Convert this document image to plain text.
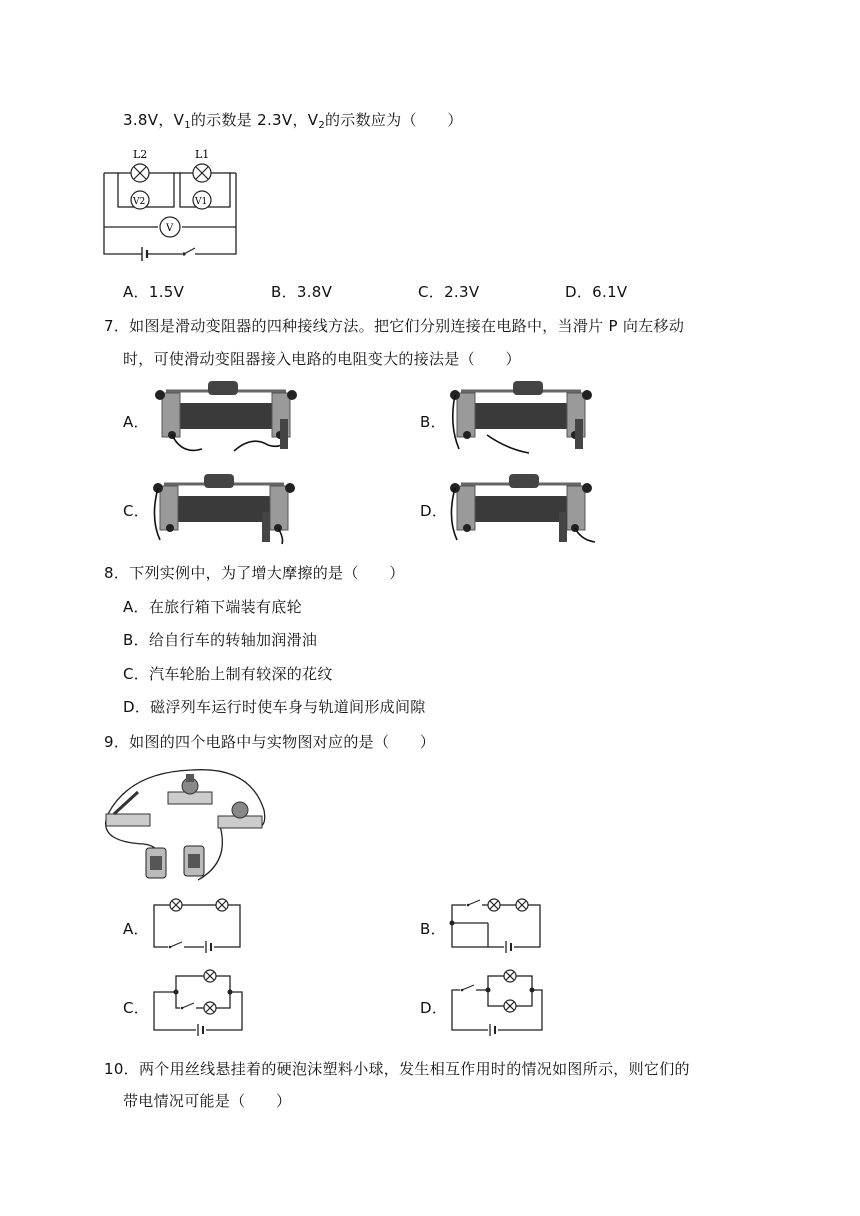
3.8V，$V_1$的示数是 2.3V，$V_2$的示数应为（　　）
L2	L1
V2	V1
V
A．1.5V	B．3.8V	C．2.3V	D．6.1V
7．如图是滑动变阻器的四种接线方法。把它们分别连接在电路中，当滑片 P 向左移动
时，可使滑动变阻器接入电路的电阻变大的接法是（　　）
A．	B．
C．	D．
8．下列实例中，为了增大摩擦的是（　　）
A．在旅行箱下端装有底轮
B．给自行车的转轴加润滑油
C．汽车轮胎上制有较深的花纹
D．磁浮列车运行时使车身与轨道间形成间隙
9．如图的四个电路中与实物图对应的是（　　）
A．	B．
C．	D．
10．两个用丝线悬挂着的硬泡沫塑料小球，发生相互作用时的情况如图所示，则它们的
带电情况可能是（　　）
